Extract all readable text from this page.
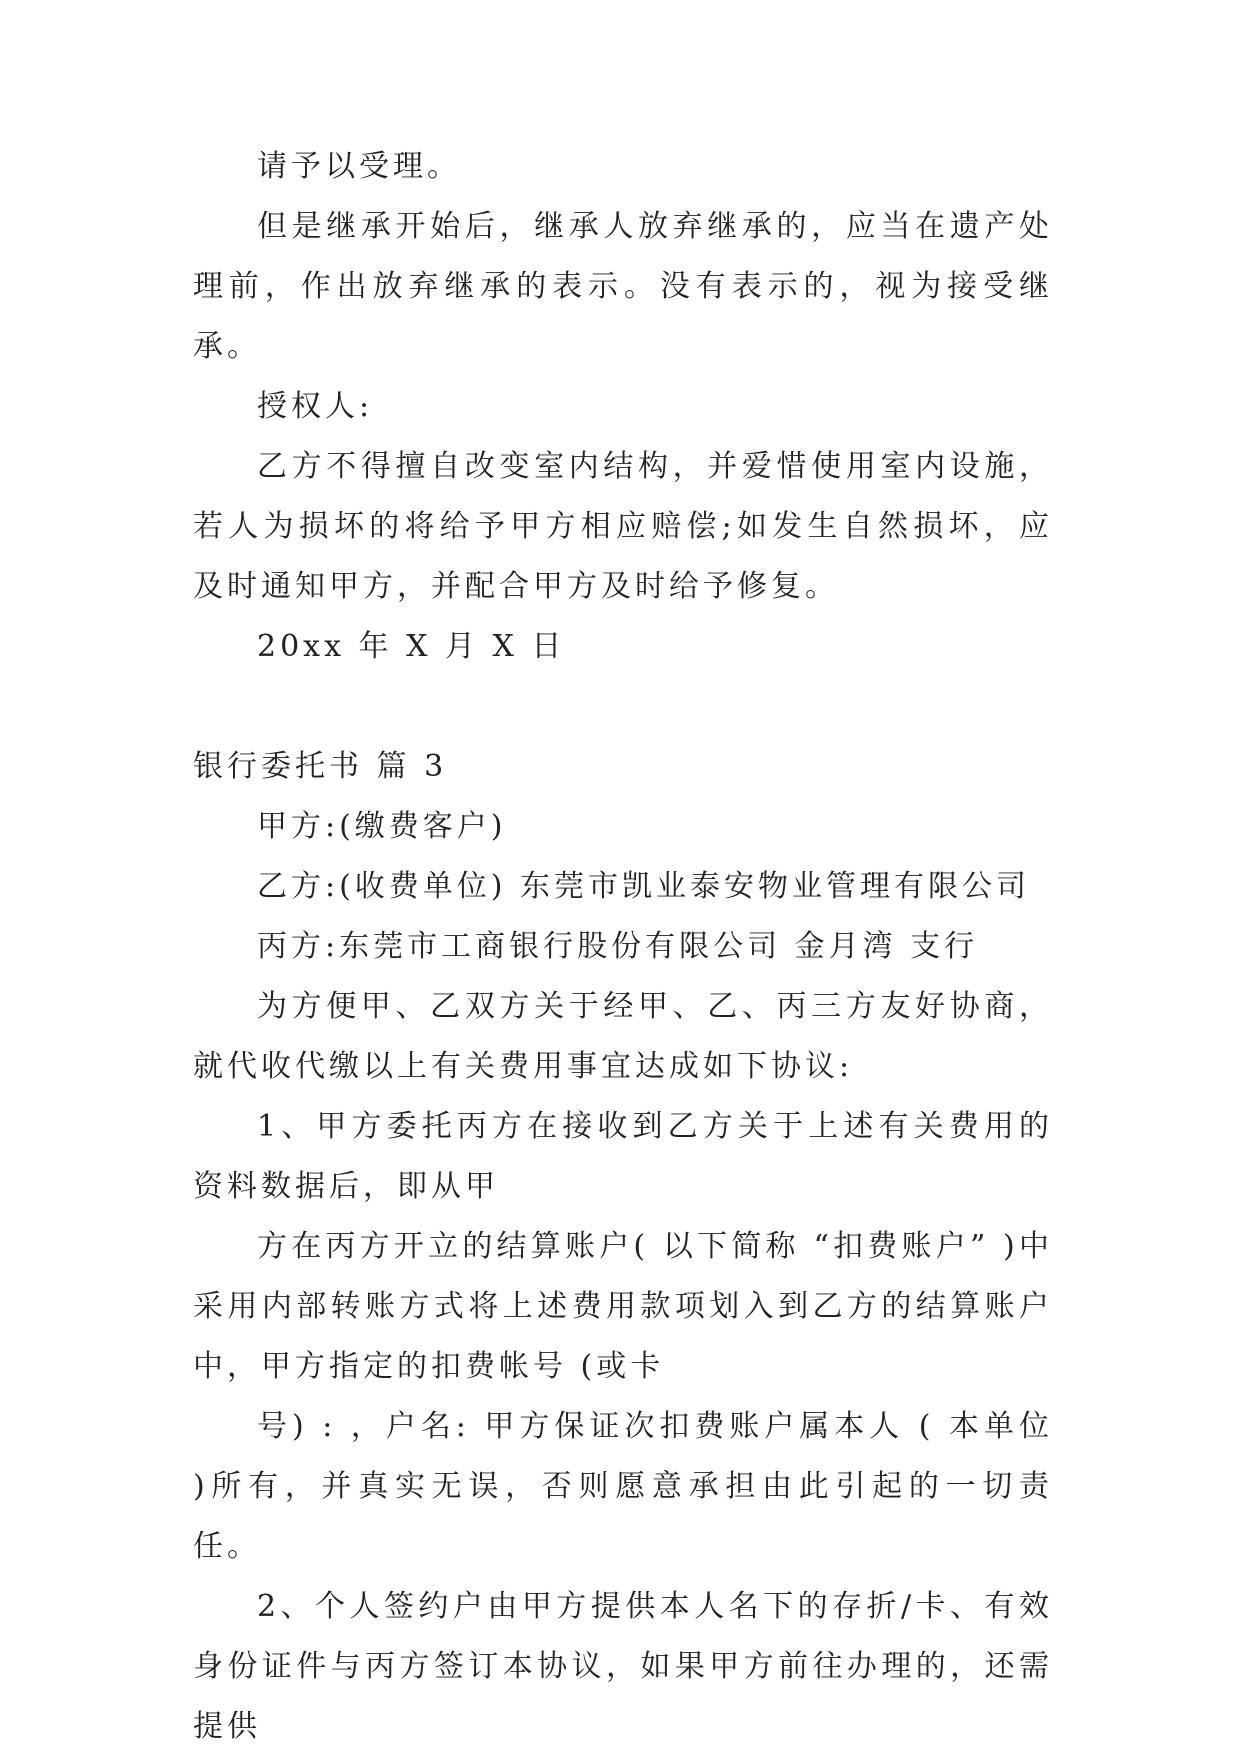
请予以受理。

但是继承开始后，继承人放弃继承的，应当在遗产处理前，作出放弃继承的表示。没有表示的，视为接受继承。

授权人:

乙方不得擅自改变室内结构，并爱惜使用室内设施，若人为损坏的将给予甲方相应赔偿;如发生自然损坏，应及时通知甲方，并配合甲方及时给予修复。

20xx 年 X 月 X 日

银行委托书 篇 3

甲方:(缴费客户)

乙方:(收费单位) 东莞市凯业泰安物业管理有限公司

丙方:东莞市工商银行股份有限公司 金月湾 支行

为方便甲、乙双方关于经甲、乙、丙三方友好协商，就代收代缴以上有关费用事宜达成如下协议:

1、甲方委托丙方在接收到乙方关于上述有关费用的资料数据后，即从甲

方在丙方开立的结算账户( 以下简称 “扣费账户” )中采用内部转账方式将上述费用款项划入到乙方的结算账户中，甲方指定的扣费帐号 (或卡

号) : ，户名: 甲方保证次扣费账户属本人 ( 本单位 )所有，并真实无误，否则愿意承担由此引起的一切责任。

2、个人签约户由甲方提供本人名下的存折/卡、有效身份证件与丙方签订本协议，如果甲方前往办理的，还需提供
